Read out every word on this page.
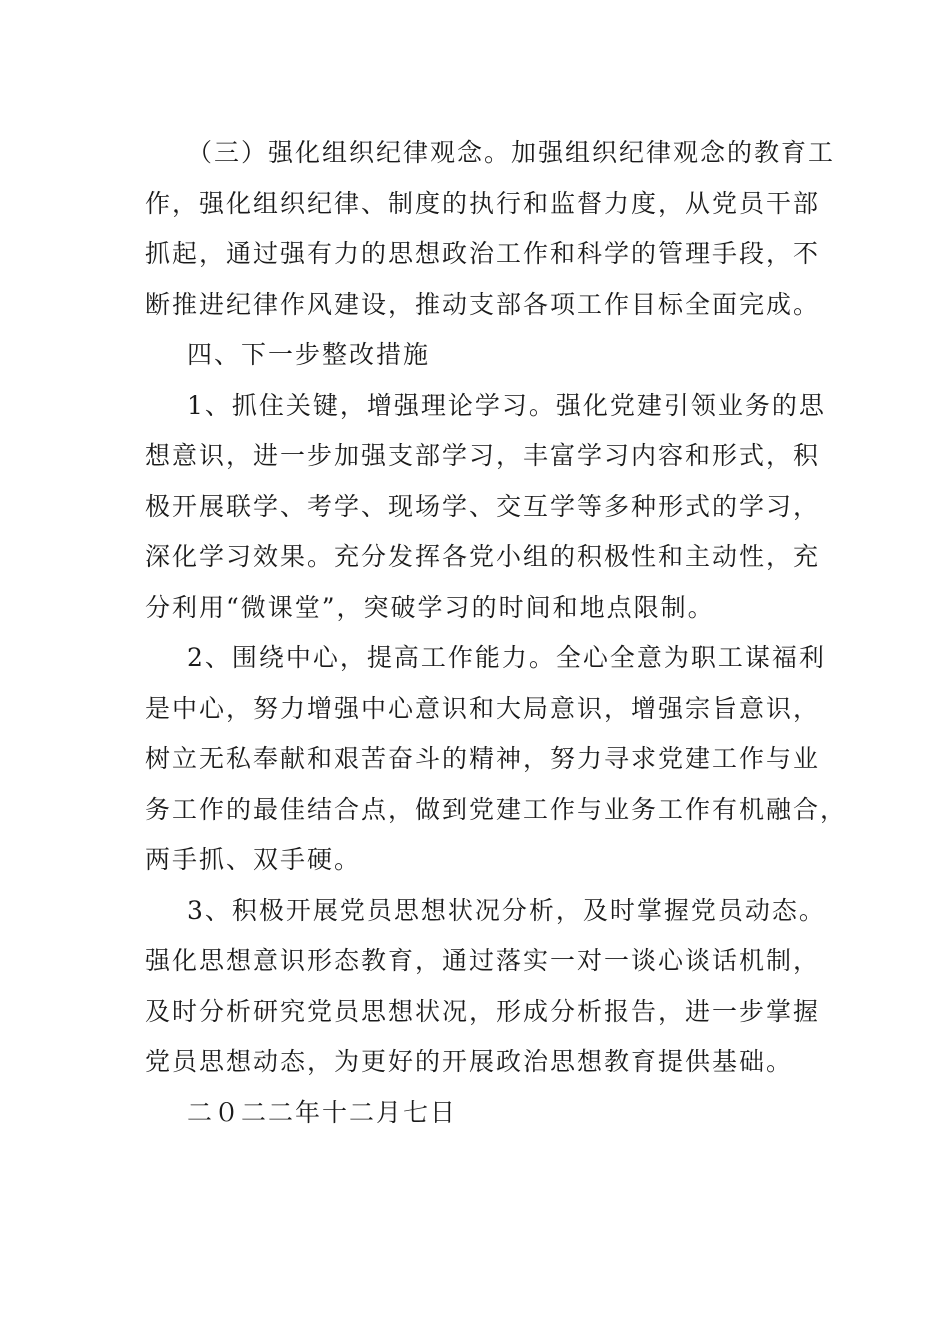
（三）强化组织纪律观念。加强组织纪律观念的教育工
作，强化组织纪律、制度的执行和监督力度，从党员干部
抓起，通过强有力的思想政治工作和科学的管理手段，不
断推进纪律作风建设，推动支部各项工作目标全面完成。

四、下一步整改措施

1、抓住关键，增强理论学习。强化党建引领业务的思
想意识，进一步加强支部学习，丰富学习内容和形式，积
极开展联学、考学、现场学、交互学等多种形式的学习，
深化学习效果。充分发挥各党小组的积极性和主动性，充
分利用“微课堂”，突破学习的时间和地点限制。

2、围绕中心，提高工作能力。全心全意为职工谋福利
是中心，努力增强中心意识和大局意识，增强宗旨意识，
树立无私奉献和艰苦奋斗的精神，努力寻求党建工作与业
务工作的最佳结合点，做到党建工作与业务工作有机融合，
两手抓、双手硬。

3、积极开展党员思想状况分析，及时掌握党员动态。
强化思想意识形态教育，通过落实一对一谈心谈话机制，
及时分析研究党员思想状况，形成分析报告，进一步掌握
党员思想动态，为更好的开展政治思想教育提供基础。

二０二二年十二月七日
